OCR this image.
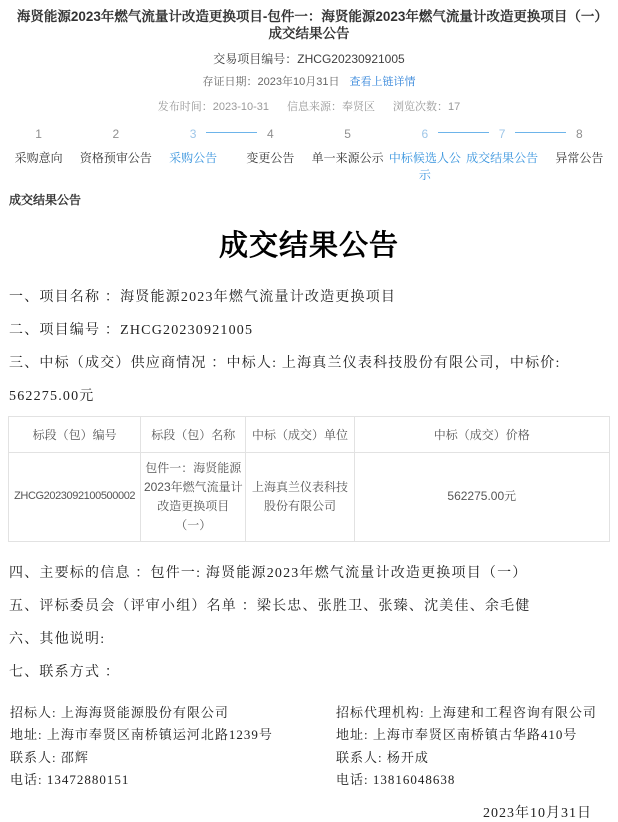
海贤能源2023年燃气流量计改造更换项目-包件一：海贤能源2023年燃气流量计改造更换项目（一）成交结果公告
交易项目编号：ZHCG20230921005
存证日期：2023年10月31日 查看上链详情
发布时间：2023-10-31 信息来源：奉贤区 浏览次数：17
1
采购意向
2
资格预审公告
3
采购公告
4
变更公告
5
单一来源公示
6
中标候选人公示
7
成交结果公告
8
异常公告
成交结果公告
成交结果公告

一、项目名称 ：海贤能源2023年燃气流量计改造更换项目

二、项目编号 ：ZHCG20230921005

三、中标（成交）供应商情况 ：中标人: 上海真兰仪表科技股份有限公司，中标价: 562275.00元

标段（包）编号	标段（包）名称	中标（成交）单位	中标（成交）价格
ZHCG2023092100500002	包件一：海贤能源2023年燃气流量计改造更换项目（一）	上海真兰仪表科技股份有限公司	562275.00元

四、主要标的信息 ：包件一: 海贤能源2023年燃气流量计改造更换项目（一）

五、评标委员会（评审小组）名单 ：梁长忠、张胜卫、张臻、沈美佳、余毛健

六、其他说明:

七、联系方式 ：

招标人: 上海海贤能源股份有限公司

地址: 上海市奉贤区南桥镇运河北路1239号

联系人: 邵辉

电话: 13472880151

招标代理机构: 上海建和工程咨询有限公司

地址: 上海市奉贤区南桥镇古华路410号

联系人: 杨开成

电话: 13816048638

2023年10月31日
